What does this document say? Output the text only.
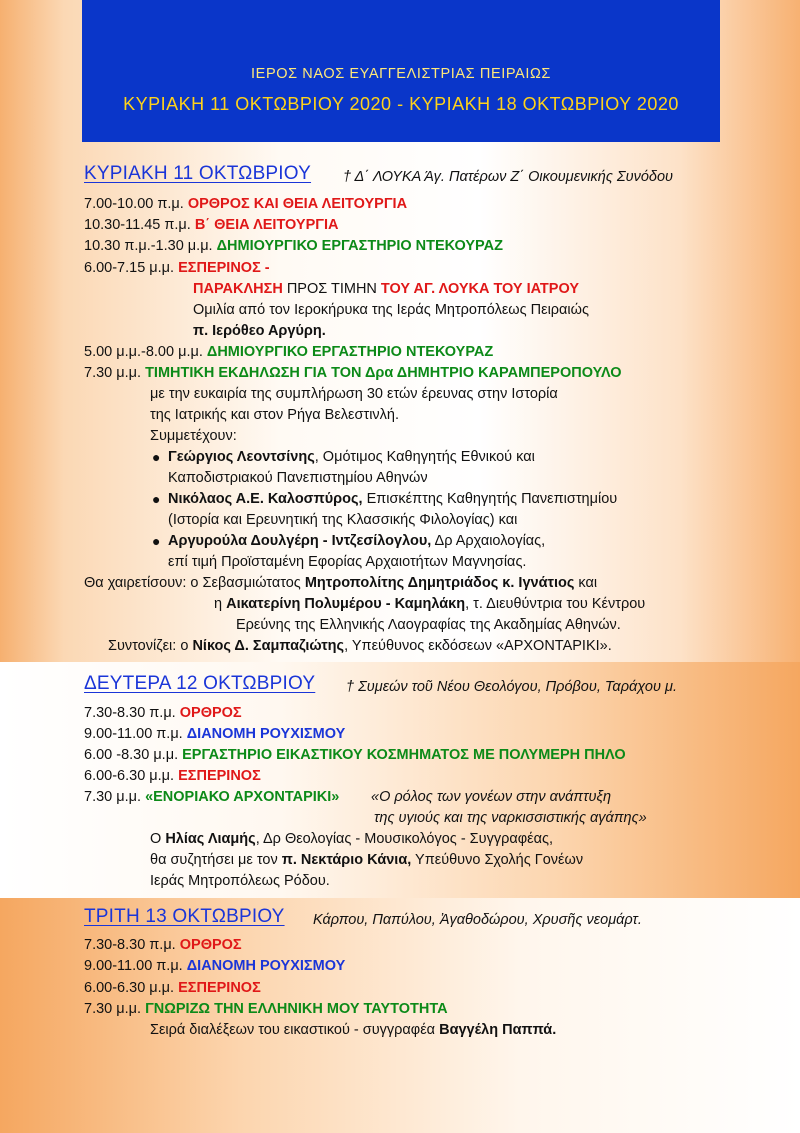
ΙΕΡΟΣ ΝΑΟΣ ΕΥΑΓΓΕΛΙΣΤΡΙΑΣ ΠΕΙΡΑΙΩΣ
ΚΥΡΙΑΚΗ 11 ΟΚΤΩΒΡΙΟΥ 2020 - ΚΥΡΙΑΚΗ 18 ΟΚΤΩΒΡΙΟΥ 2020
ΚΥΡΙΑΚΗ 11 ΟΚΤΩΒΡΙΟΥ † Δ΄ ΛΟΥΚΑ Άγ. Πατέρων Ζ΄ Οικουμενικής Συνόδου
7.00-10.00 π.μ. ΟΡΘΡΟΣ ΚΑΙ ΘΕΙΑ ΛΕΙΤΟΥΡΓΙΑ
10.30-11.45 π.μ. Β΄ ΘΕΙΑ ΛΕΙΤΟΥΡΓΙΑ
10.30 π.μ.-1.30 μ.μ. ΔΗΜΙΟΥΡΓΙΚΟ ΕΡΓΑΣΤΗΡΙΟ ΝΤΕΚΟΥΡΑΖ
6.00-7.15 μ.μ. ΕΣΠΕΡΙΝΟΣ -
ΠΑΡΑΚΛΗΣΗ ΠΡΟΣ ΤΙΜΗΝ ΤΟΥ ΑΓ. ΛΟΥΚΑ ΤΟΥ ΙΑΤΡΟΥ
Ομιλία από τον Ιεροκήρυκα της Ιεράς Μητροπόλεως Πειραιώς
π. Ιερόθεο Αργύρη.
5.00 μ.μ.-8.00 μ.μ. ΔΗΜΙΟΥΡΓΙΚΟ ΕΡΓΑΣΤΗΡΙΟ ΝΤΕΚΟΥΡΑΖ
7.30 μ.μ. ΤΙΜΗΤΙΚΗ ΕΚΔΗΛΩΣΗ ΓΙΑ ΤΟΝ Δρα ΔΗΜΗΤΡΙΟ ΚΑΡΑΜΠΕΡΟΠΟΥΛΟ
με την ευκαιρία της συμπλήρωση 30 ετών έρευνας στην Ιστορία
της Ιατρικής και στον Ρήγα Βελεστινλή.
Συμμετέχουν:
● Γεώργιος Λεοντσίνης, Ομότιμος Καθηγητής Εθνικού και
Καποδιστριακού Πανεπιστημίου Αθηνών
● Νικόλαος Α.Ε. Καλοσπύρος, Επισκέπτης Καθηγητής Πανεπιστημίου
(Ιστορία και Ερευνητική της Κλασσικής Φιλολογίας) και
● Αργυρούλα Δουλγέρη - Ιντζεσίλογλου, Δρ Αρχαιολογίας,
επί τιμή Προϊσταμένη Εφορίας Αρχαιοτήτων Μαγνησίας.
Θα χαιρετίσουν: ο Σεβασμιώτατος Μητροπολίτης Δημητριάδος κ. Ιγνάτιος και
η Αικατερίνη Πολυμέρου - Καμηλάκη, τ. Διευθύντρια του Κέντρου
Ερεύνης της Ελληνικής Λαογραφίας της Ακαδημίας Αθηνών.
Συντονίζει: ο Νίκος Δ. Σαμπαζιώτης, Υπεύθυνος εκδόσεων «ΑΡΧΟΝΤΑΡΙΚΙ».
ΔΕΥΤΕΡΑ 12 ΟΚΤΩΒΡΙΟΥ † Συμεών τοῦ Νέου Θεολόγου, Πρόβου, Ταράχου μ.
7.30-8.30 π.μ. ΟΡΘΡΟΣ
9.00-11.00 π.μ. ΔΙΑΝΟΜΗ ΡΟΥΧΙΣΜΟΥ
6.00 -8.30 μ.μ. ΕΡΓΑΣΤΗΡΙΟ ΕΙΚΑΣΤΙΚΟΥ ΚΟΣΜΗΜΑΤΟΣ ΜΕ ΠΟΛΥΜΕΡΗ ΠΗΛΟ
6.00-6.30 μ.μ. ΕΣΠΕΡΙΝΟΣ
7.30 μ.μ. «ΕΝΟΡΙΑΚΟ ΑΡΧΟΝΤΑΡΙΚΙ» «Ο ρόλος των γονέων στην ανάπτυξη
της υγιούς και της ναρκισσιστικής αγάπης»
Ο Ηλίας Λιαμής, Δρ Θεολογίας - Μουσικολόγος - Συγγραφέας,
θα συζητήσει με τον π. Νεκτάριο Κάνια, Υπεύθυνο Σχολής Γονέων
Ιεράς Μητροπόλεως Ρόδου.
ΤΡΙΤΗ 13 ΟΚΤΩΒΡΙΟΥ Κάρπου, Παπύλου, Ἀγαθοδώρου, Χρυσῆς νεομάρτ.
7.30-8.30 π.μ. ΟΡΘΡΟΣ
9.00-11.00 π.μ. ΔΙΑΝΟΜΗ ΡΟΥΧΙΣΜΟΥ
6.00-6.30 μ.μ. ΕΣΠΕΡΙΝΟΣ
7.30 μ.μ. ΓΝΩΡΙΖΩ ΤΗΝ ΕΛΛΗΝΙΚΗ ΜΟΥ ΤΑΥΤΟΤΗΤΑ
Σειρά διαλέξεων του εικαστικού - συγγραφέα Βαγγέλη Παππά.
